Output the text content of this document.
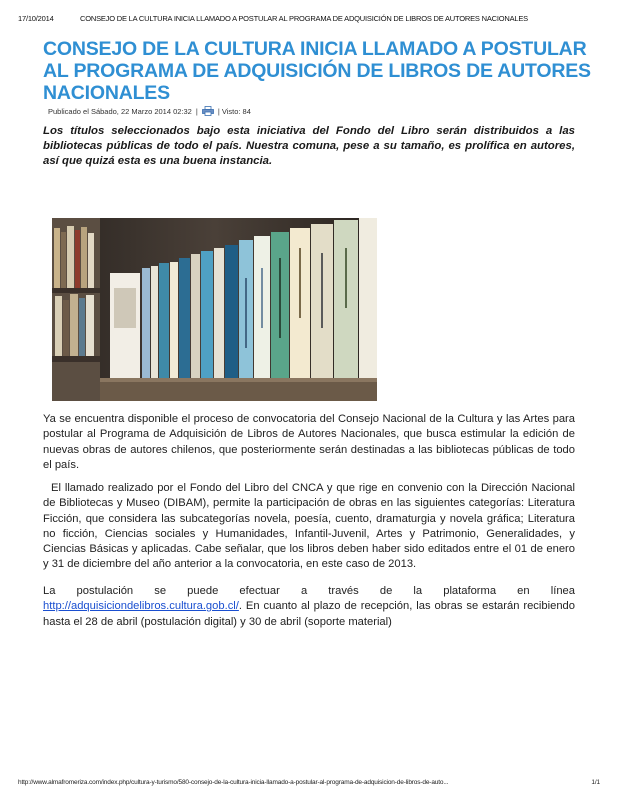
17/10/2014	CONSEJO DE LA CULTURA INICIA LLAMADO A POSTULAR AL PROGRAMA DE ADQUISICIÓN DE LIBROS DE AUTORES NACIONALES
CONSEJO DE LA CULTURA INICIA LLAMADO A POSTULAR AL PROGRAMA DE ADQUISICIÓN DE LIBROS DE AUTORES NACIONALES
Publicado el Sábado, 22 Marzo 2014 02:32 |	| Visto: 84

Los títulos seleccionados bajo esta iniciativa del Fondo del Libro serán distribuidos a las bibliotecas públicas de todo el país. Nuestra comuna, pese a su tamaño, es prolífica en autores, así que quizá esta es una buena instancia.

Ya se encuentra disponible el proceso de convocatoria del Consejo Nacional de la Cultura y las Artes para postular al Programa de Adquisición de Libros de Autores Nacionales, que busca estimular la edición de nuevas obras de autores chilenos, que posteriormente serán destinadas a las bibliotecas públicas de todo el país.

El llamado realizado por el Fondo del Libro del CNCA y que rige en convenio con la Dirección Nacional de Bibliotecas y Museo (DIBAM), permite la participación de obras en las siguientes categorías: Literatura Ficción, que considera las subcategorías novela, poesía, cuento, dramaturgia y novela gráfica; Literatura no ficción, Ciencias sociales y Humanidades, Infantil-Juvenil, Artes y Patrimonio, Generalidades, y Ciencias Básicas y aplicadas. Cabe señalar, que los libros deben haber sido editados entre el 01 de enero y 31 de diciembre del año anterior a la convocatoria, en este caso de 2013.

La postulación se puede efectuar a través de la plataforma en línea http://adquisiciondelibros.cultura.gob.cl/. En cuanto al plazo de recepción, las obras se estarán recibiendo hasta el 28 de abril (postulación digital) y 30 de abril (soporte material)

http://www.almafromeriza.com/index.php/cultura-y-turismo/580-consejo-de-la-cultura-inicia-llamado-a-postular-al-programa-de-adquisicion-de-libros-de-auto...	1/1
